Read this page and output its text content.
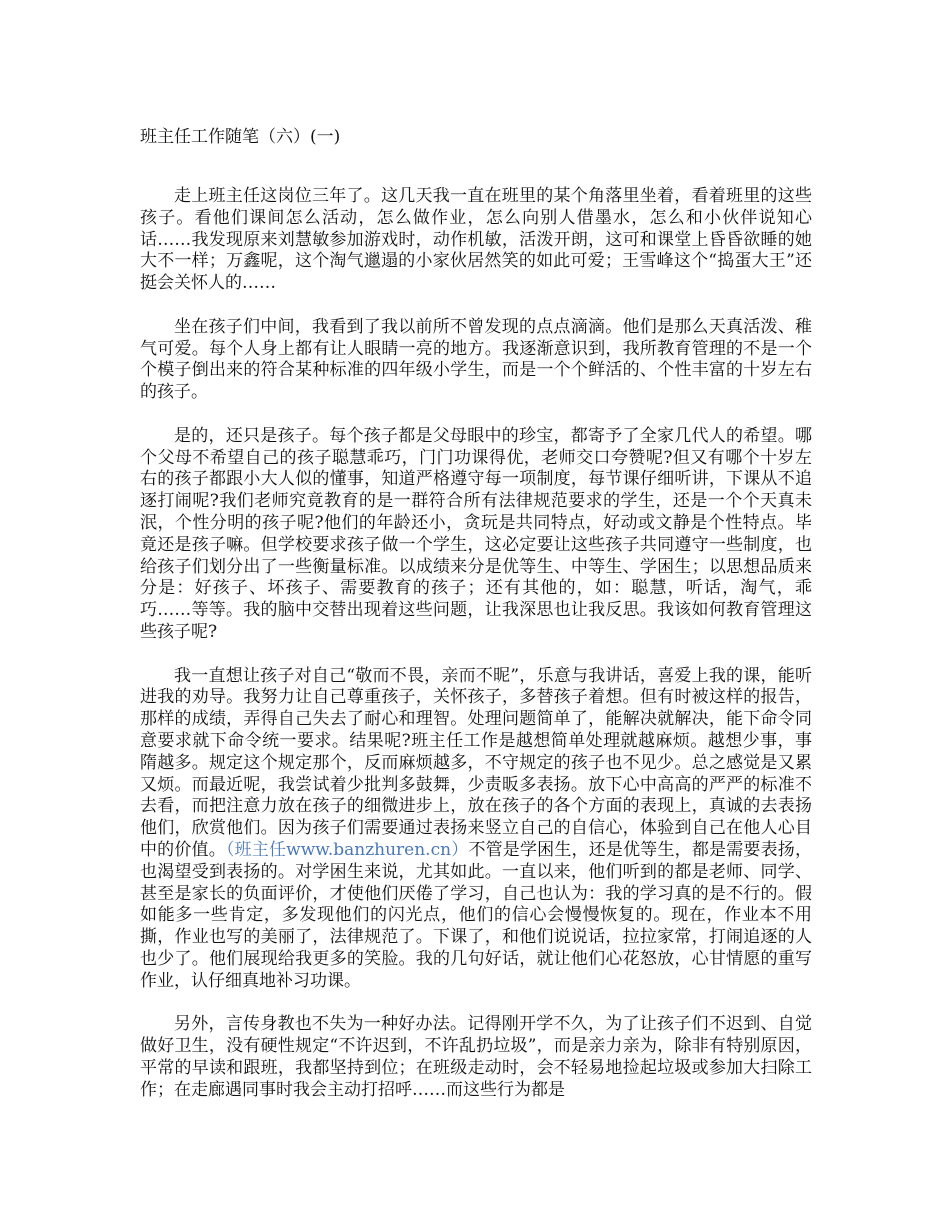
班主任工作随笔（六）(一)

走上班主任这岗位三年了。这几天我一直在班里的某个角落里坐着，看着班里的这些孩子。看他们课间怎么活动，怎么做作业，怎么向别人借墨水，怎么和小伙伴说知心话……我发现原来刘慧敏参加游戏时，动作机敏，活泼开朗，这可和课堂上昏昏欲睡的她大不一样；万鑫呢，这个淘气邋遢的小家伙居然笑的如此可爱；王雪峰这个“捣蛋大王”还挺会关怀人的……

坐在孩子们中间，我看到了我以前所不曾发现的点点滴滴。他们是那么天真活泼、稚气可爱。每个人身上都有让人眼睛一亮的地方。我逐渐意识到，我所教育管理的不是一个个模子倒出来的符合某种标准的四年级小学生，而是一个个鲜活的、个性丰富的十岁左右的孩子。

是的，还只是孩子。每个孩子都是父母眼中的珍宝，都寄予了全家几代人的希望。哪个父母不希望自己的孩子聪慧乖巧，门门功课得优，老师交口夸赞呢?但又有哪个十岁左右的孩子都跟小大人似的懂事，知道严格遵守每一项制度，每节课仔细听讲，下课从不追逐打闹呢?我们老师究竟教育的是一群符合所有法律规范要求的学生，还是一个个天真未泯，个性分明的孩子呢?他们的年龄还小，贪玩是共同特点，好动或文静是个性特点。毕竟还是孩子嘛。但学校要求孩子做一个学生，这必定要让这些孩子共同遵守一些制度，也给孩子们划分出了一些衡量标准。以成绩来分是优等生、中等生、学困生；以思想品质来分是：好孩子、坏孩子、需要教育的孩子；还有其他的，如：聪慧，听话，淘气，乖巧……等等。我的脑中交替出现着这些问题，让我深思也让我反思。我该如何教育管理这些孩子呢?

我一直想让孩子对自己“敬而不畏，亲而不昵”，乐意与我讲话，喜爱上我的课，能听进我的劝导。我努力让自己尊重孩子，关怀孩子，多替孩子着想。但有时被这样的报告，那样的成绩，弄得自己失去了耐心和理智。处理问题简单了，能解决就解决，能下命令同意要求就下命令统一要求。结果呢?班主任工作是越想简单处理就越麻烦。越想少事，事隋越多。规定这个规定那个，反而麻烦越多，不守规定的孩子也不见少。总之感觉是又累又烦。而最近呢，我尝试着少批判多鼓舞，少责昄多表扬。放下心中高高的严严的标准不去看，而把注意力放在孩子的细微进步上，放在孩子的各个方面的表现上，真诚的去表扬他们，欣赏他们。因为孩子们需要通过表扬来竖立自己的自信心，体验到自己在他人心目中的价值。（班主任www.banzhuren.cn）不管是学困生，还是优等生，都是需要表扬，也渴望受到表扬的。对学困生来说，尤其如此。一直以来，他们听到的都是老师、同学、甚至是家长的负面评价，才使他们厌倦了学习，自己也认为：我的学习真的是不行的。假如能多一些肯定，多发现他们的闪光点，他们的信心会慢慢恢复的。现在，作业本不用撕，作业也写的美丽了，法律规范了。下课了，和他们说说话，拉拉家常，打闹追逐的人也少了。他们展现给我更多的笑脸。我的几句好话，就让他们心花怒放，心甘情愿的重写作业，认仔细真地补习功课。

另外，言传身教也不失为一种好办法。记得刚开学不久，为了让孩子们不迟到、自觉做好卫生，没有硬性规定“不许迟到，不许乱扔垃圾”，而是亲力亲为，除非有特别原因，平常的早读和跟班，我都坚持到位；在班级走动时，会不轻易地捡起垃圾或参加大扫除工作；在走廊遇同事时我会主动打招呼……而这些行为都是
